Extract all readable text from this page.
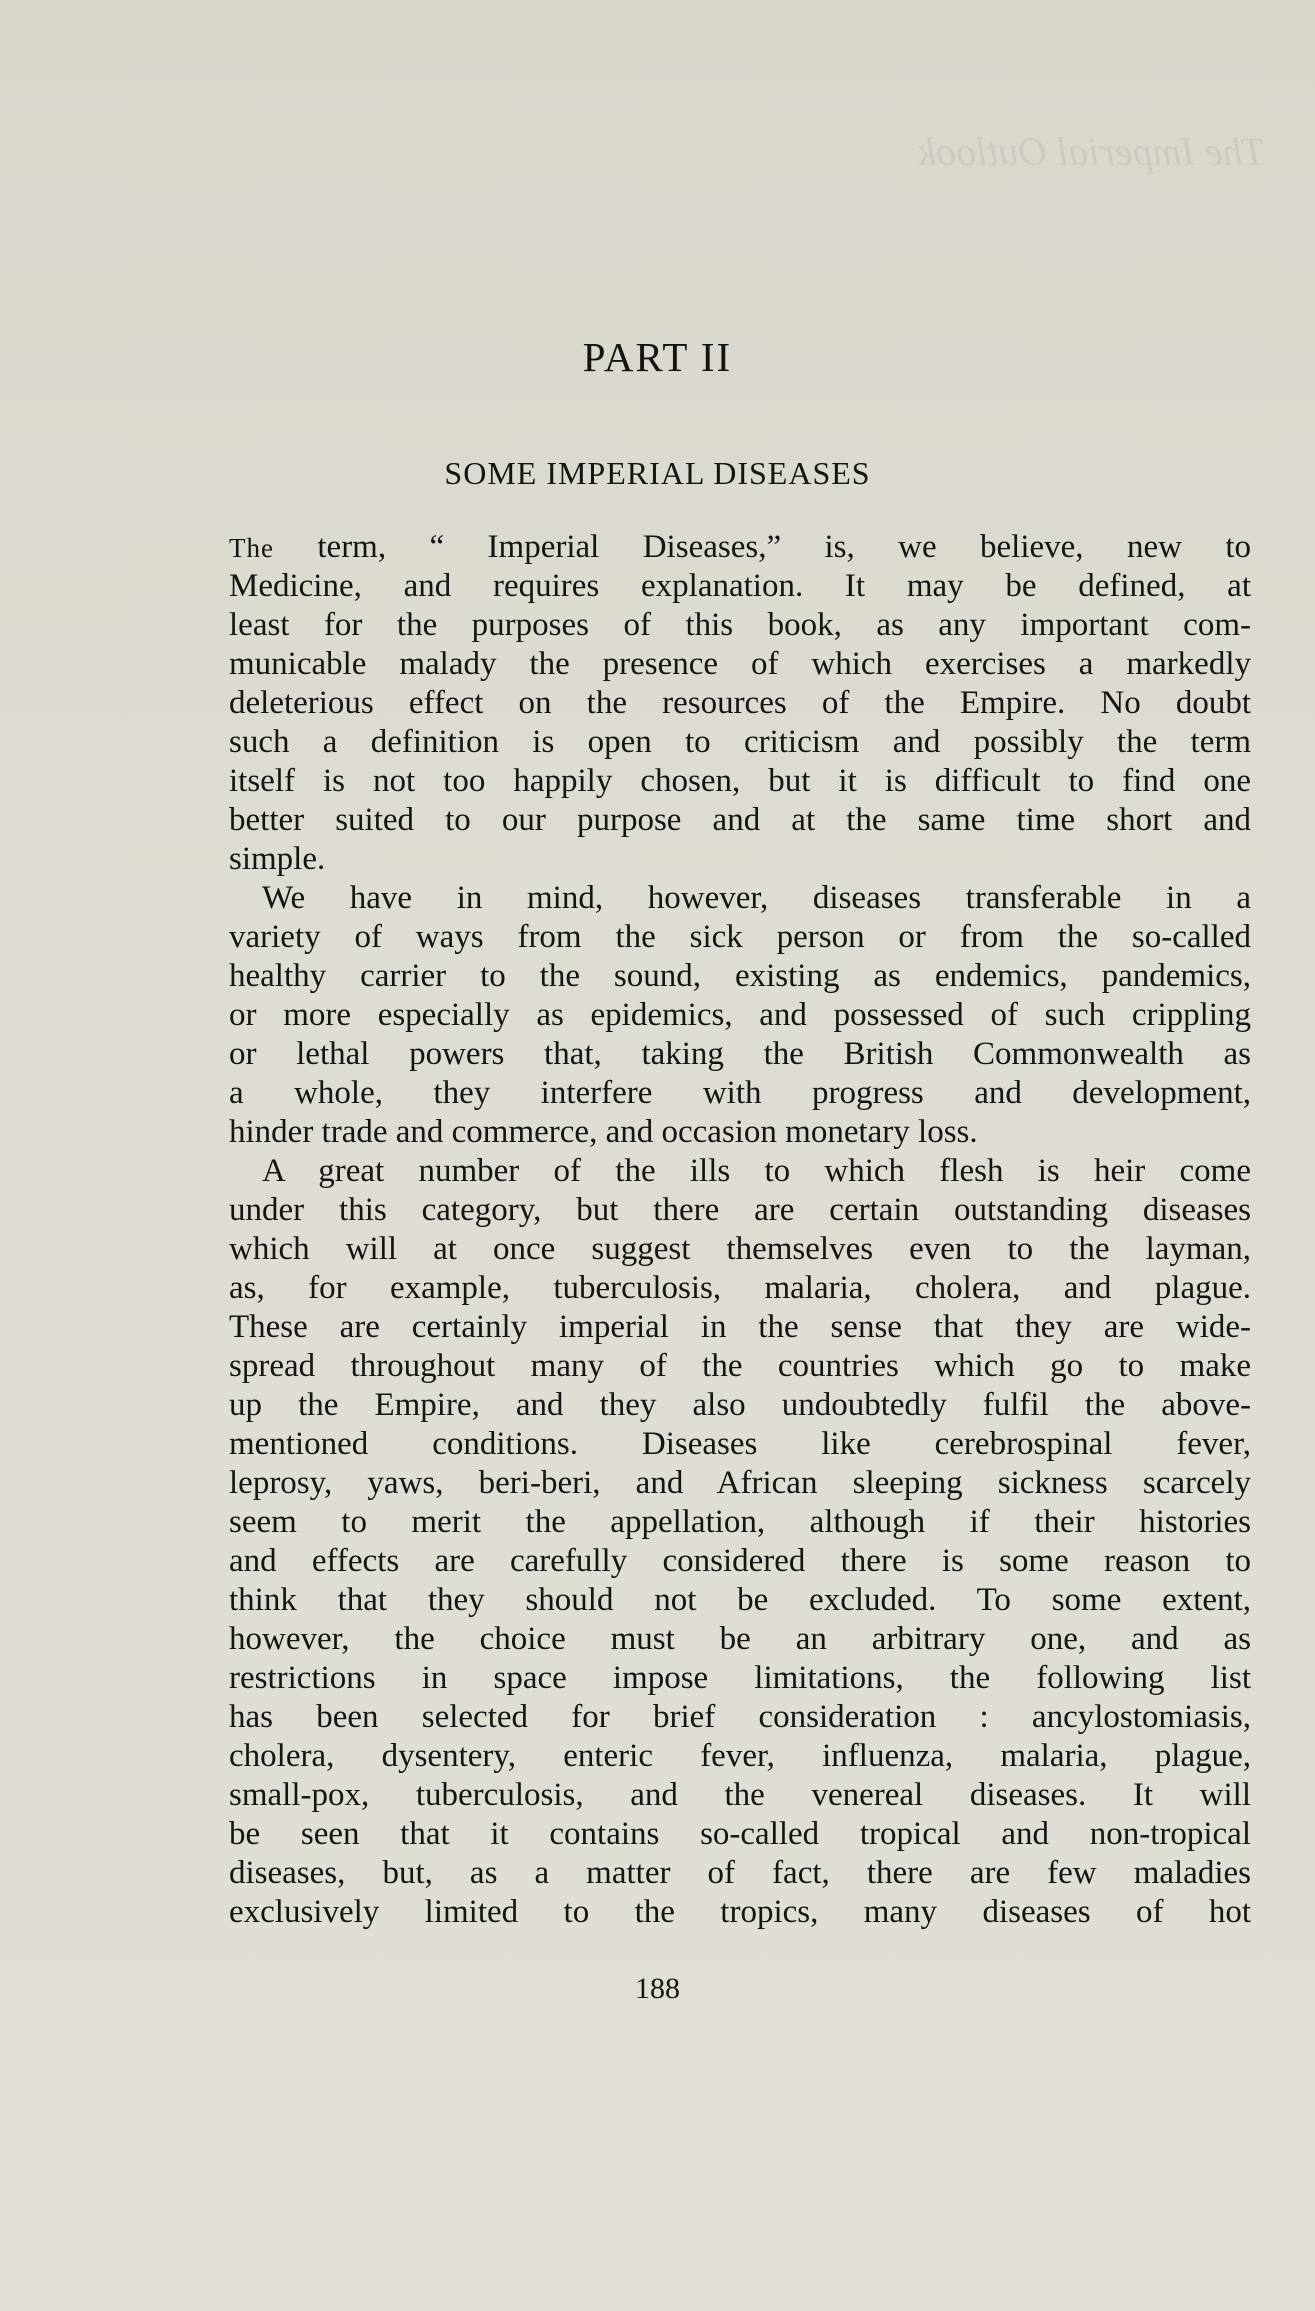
The Imperial Outlook
PART II
SOME IMPERIAL DISEASES
The term, “ Imperial Diseases,” is, we believe, new to
Medicine, and requires explanation. It may be defined, at
least for the purposes of this book, as any important com-
municable malady the presence of which exercises a markedly
deleterious effect on the resources of the Empire. No doubt
such a definition is open to criticism and possibly the term
itself is not too happily chosen, but it is difficult to find one
better suited to our purpose and at the same time short and
simple.
We have in mind, however, diseases transferable in a
variety of ways from the sick person or from the so-called
healthy carrier to the sound, existing as endemics, pandemics,
or more especially as epidemics, and possessed of such crippling
or lethal powers that, taking the British Commonwealth as
a whole, they interfere with progress and development,
hinder trade and commerce, and occasion monetary loss.
A great number of the ills to which flesh is heir come
under this category, but there are certain outstanding diseases
which will at once suggest themselves even to the layman,
as, for example, tuberculosis, malaria, cholera, and plague.
These are certainly imperial in the sense that they are wide-
spread throughout many of the countries which go to make
up the Empire, and they also undoubtedly fulfil the above-
mentioned conditions. Diseases like cerebrospinal fever,
leprosy, yaws, beri-beri, and African sleeping sickness scarcely
seem to merit the appellation, although if their histories
and effects are carefully considered there is some reason to
think that they should not be excluded. To some extent,
however, the choice must be an arbitrary one, and as
restrictions in space impose limitations, the following list
has been selected for brief consideration : ancylostomiasis,
cholera, dysentery, enteric fever, influenza, malaria, plague,
small-pox, tuberculosis, and the venereal diseases. It will
be seen that it contains so-called tropical and non-tropical
diseases, but, as a matter of fact, there are few maladies
exclusively limited to the tropics, many diseases of hot
188
